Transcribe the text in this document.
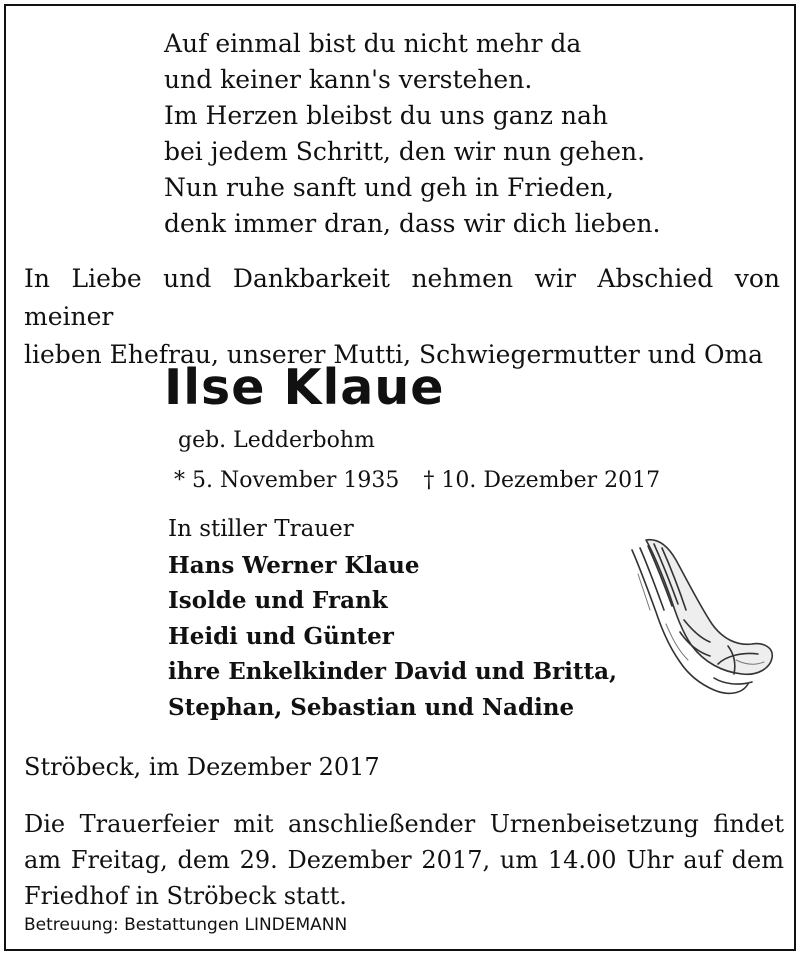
Auf einmal bist du nicht mehr da
und keiner kann's verstehen.
Im Herzen bleibst du uns ganz nah
bei jedem Schritt, den wir nun gehen.
Nun ruhe sanft und geh in Frieden,
denk immer dran, dass wir dich lieben.
In Liebe und Dankbarkeit nehmen wir Abschied von meiner
lieben Ehefrau, unserer Mutti, Schwiegermutter und Oma
Ilse Klaue
geb. Ledderbohm
* 5. November 1935 † 10. Dezember 2017
In stiller Trauer
Hans Werner Klaue
Isolde und Frank
Heidi und Günter
ihre Enkelkinder David und Britta,
Stephan, Sebastian und Nadine
Ströbeck, im Dezember 2017
Die Trauerfeier mit anschließender Urnenbeisetzung findet
am Freitag, dem 29. Dezember 2017, um 14.00 Uhr auf dem
Friedhof in Ströbeck statt.
Betreuung: Bestattungen LINDEMANN
